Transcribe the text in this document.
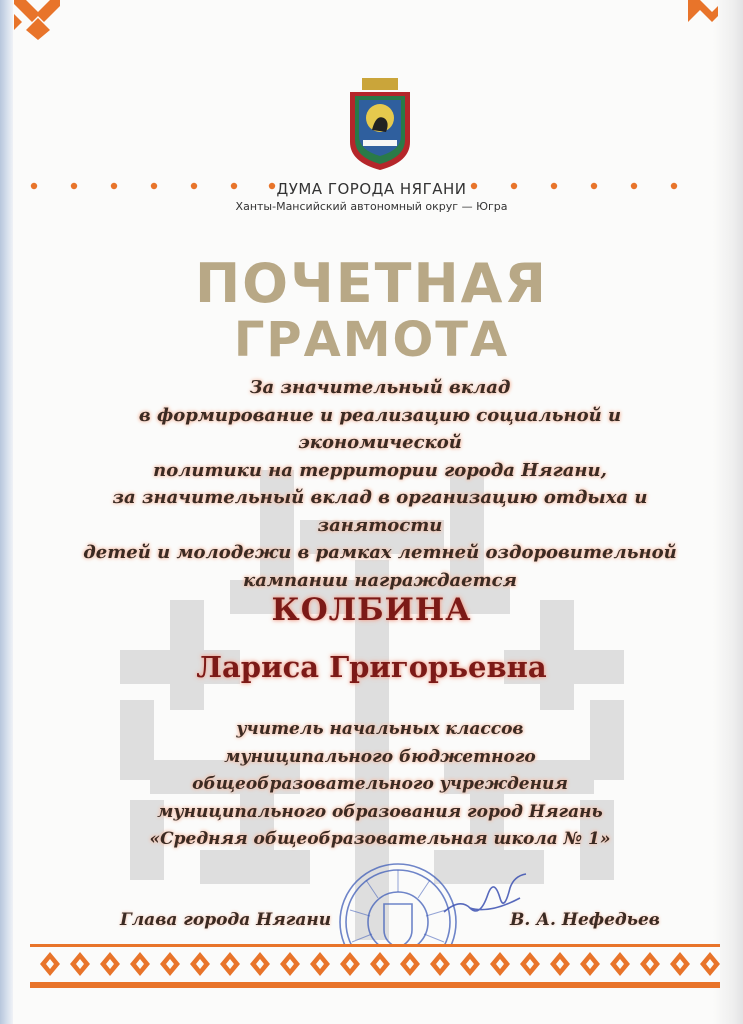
ДУМА ГОРОДА НЯГАНИ
Ханты-Мансийский автономный округ — Югра
ПОЧЕТНАЯ
ГРАМОТА
За значительный вклад
в формирование и реализацию социальной и экономической
политики на территории города Нягани,
за значительный вклад в организацию отдыха и занятости
детей и молодежи в рамках летней оздоровительной
кампании награждается
КОЛБИНА
Лариса Григорьевна
учитель начальных классов
муниципального бюджетного
общеобразовательного учреждения
муниципального образования город Нягань
«Средняя общеобразовательная школа № 1»
Глава города Нягани	В. А. Нефедьев
